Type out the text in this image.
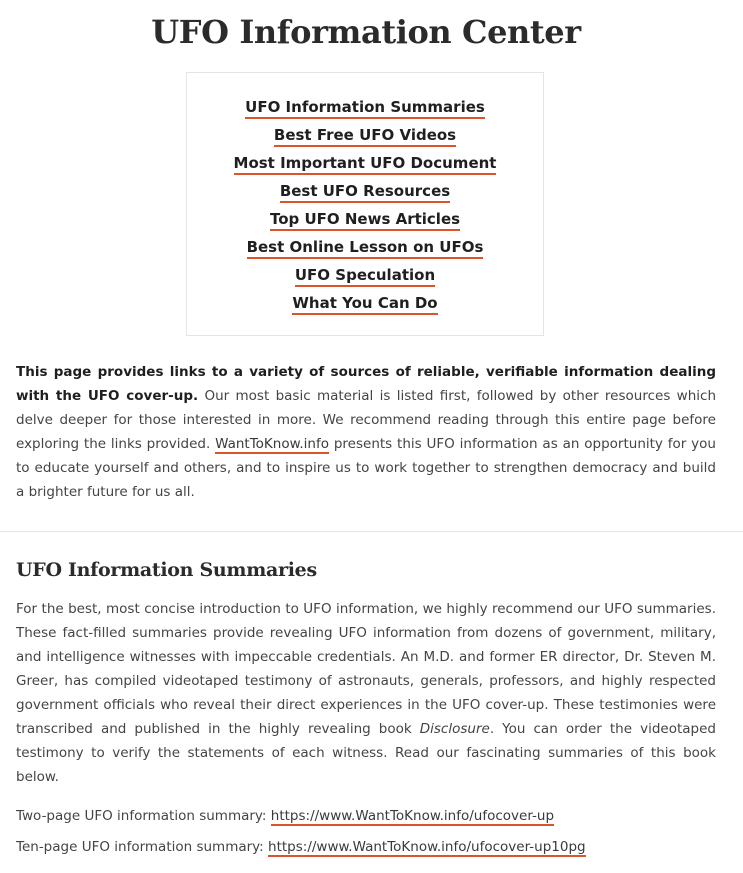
UFO Information Center
UFO Information Summaries
Best Free UFO Videos
Most Important UFO Document
Best UFO Resources
Top UFO News Articles
Best Online Lesson on UFOs
UFO Speculation
What You Can Do

This page provides links to a variety of sources of reliable, verifiable information dealing with the UFO cover-up. Our most basic material is listed first, followed by other resources which delve deeper for those interested in more. We recommend reading through this entire page before exploring the links provided. WantToKnow.info presents this UFO information as an opportunity for you to educate yourself and others, and to inspire us to work together to strengthen democracy and build a brighter future for us all.

UFO Information Summaries

For the best, most concise introduction to UFO information, we highly recommend our UFO summaries. These fact-filled summaries provide revealing UFO information from dozens of government, military, and intelligence witnesses with impeccable credentials. An M.D. and former ER director, Dr. Steven M. Greer, has compiled videotaped testimony of astronauts, generals, professors, and highly respected government officials who reveal their direct experiences in the UFO cover-up. These testimonies were transcribed and published in the highly revealing book Disclosure. You can order the videotaped testimony to verify the statements of each witness. Read our fascinating summaries of this book below.

Two-page UFO information summary: https://www.WantToKnow.info/ufocover-up

Ten-page UFO information summary: https://www.WantToKnow.info/ufocover-up10pg
